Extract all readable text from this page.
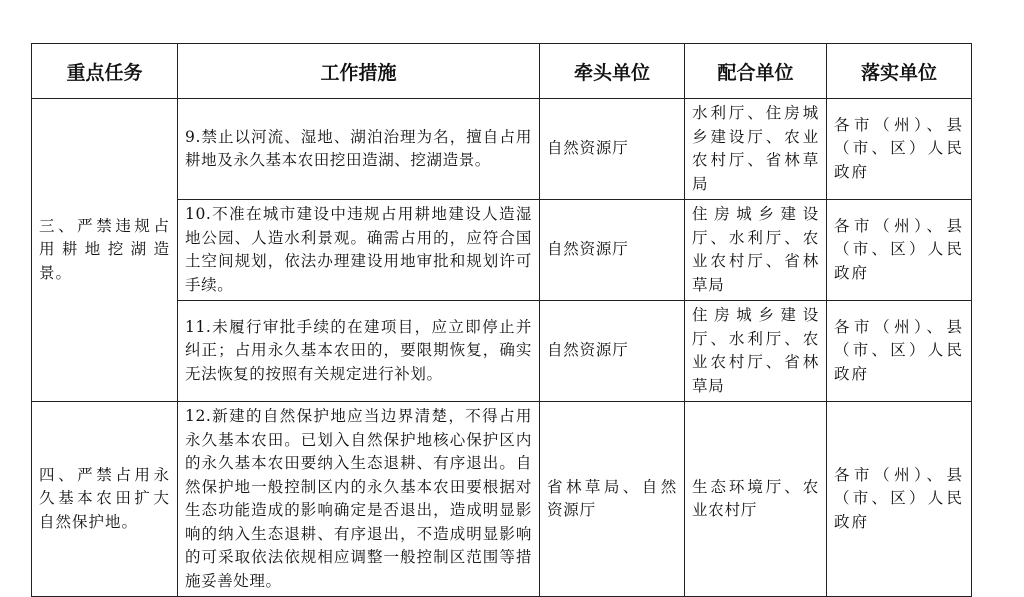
重点任务	工作措施	牵头单位	配合单位	落实单位

三、严禁违规占用耕地挖湖造景。	9.禁止以河流、湿地、湖泊治理为名，擅自占用耕地及永久基本农田挖田造湖、挖湖造景。	自然资源厅	水利厅、住房城乡建设厅、农业农村厅、省林草局	各市（州）、县（市、区）人民政府

	10.不准在城市建设中违规占用耕地建设人造湿地公园、人造水利景观。确需占用的，应符合国土空间规划，依法办理建设用地审批和规划许可手续。	自然资源厅	住房城乡建设厅、水利厅、农业农村厅、省林草局	各市（州）、县（市、区）人民政府

	11.未履行审批手续的在建项目，应立即停止并纠正；占用永久基本农田的，要限期恢复，确实无法恢复的按照有关规定进行补划。	自然资源厅	住房城乡建设厅、水利厅、农业农村厅、省林草局	各市（州）、县（市、区）人民政府

四、严禁占用永久基本农田扩大自然保护地。	12.新建的自然保护地应当边界清楚，不得占用永久基本农田。已划入自然保护地核心保护区内的永久基本农田要纳入生态退耕、有序退出。自然保护地一般控制区内的永久基本农田要根据对生态功能造成的影响确定是否退出，造成明显影响的纳入生态退耕、有序退出，不造成明显影响的可采取依法依规相应调整一般控制区范围等措施妥善处理。	省林草局、自然资源厅	生态环境厅、农业农村厅	各市（州）、县（市、区）人民政府
